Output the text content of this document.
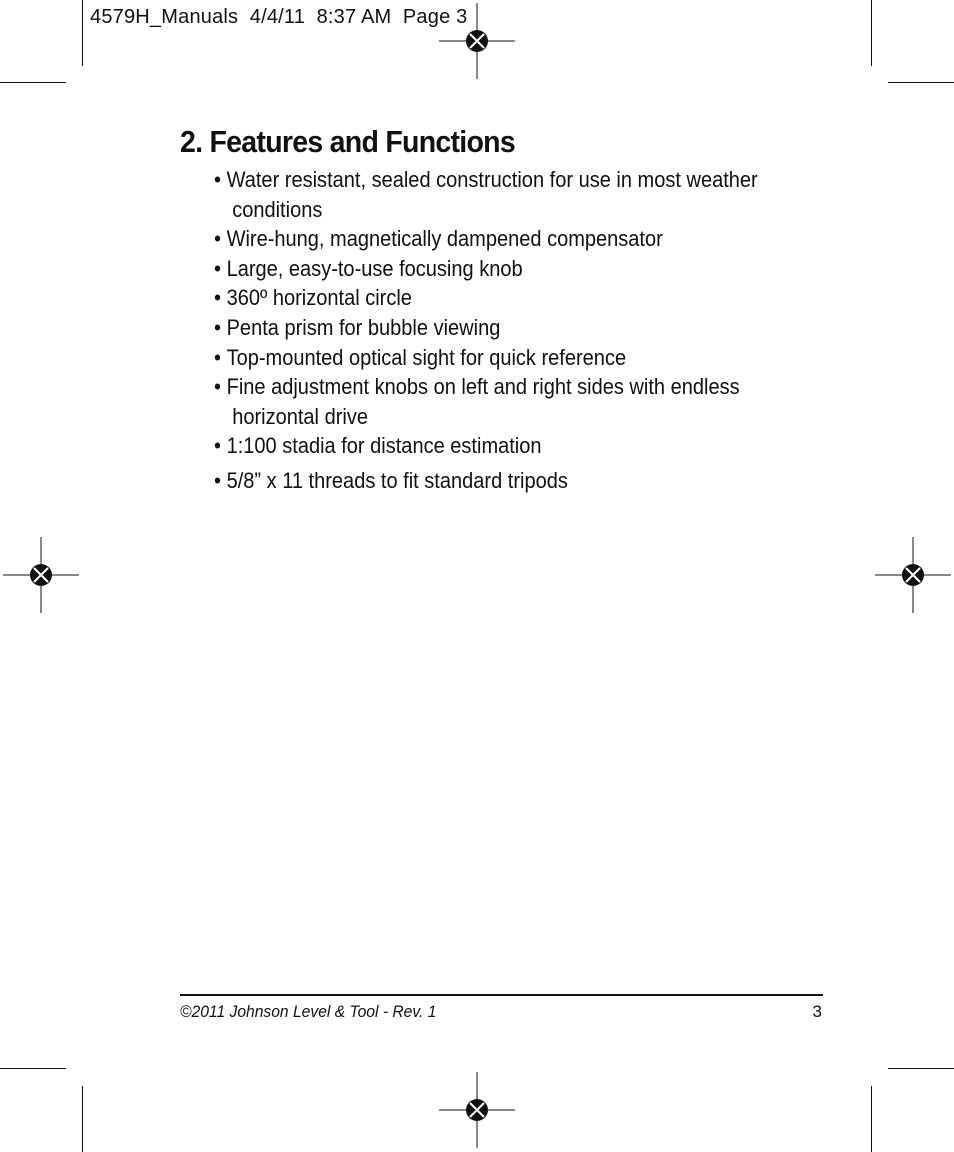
4579H_Manuals  4/4/11  8:37 AM  Page 3
2. Features and Functions
• Water resistant, sealed construction for use in most weather conditions
• Wire-hung, magnetically dampened compensator
• Large, easy-to-use focusing knob
• 360º horizontal circle
• Penta prism for bubble viewing
• Top-mounted optical sight for quick reference
• Fine adjustment knobs on left and right sides with endless horizontal drive
• 1:100 stadia for distance estimation
• 5/8” x 11 threads to fit standard tripods
©2011 Johnson Level & Tool - Rev. 1	3
